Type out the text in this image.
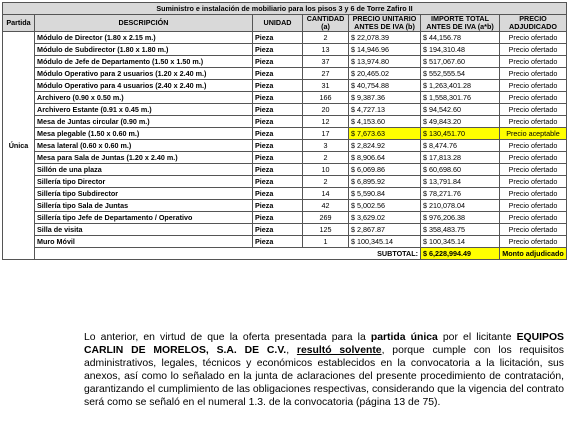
Suministro e instalación de mobiliario para los pisos 3 y 6 de Torre Zafiro II						
Partida	DESCRIPCIÓN	UNIDAD	CANTIDAD (a)	PRECIO UNITARIO ANTES DE IVA (b)	IMPORTE TOTAL ANTES DE IVA (a*b)	PRECIO ADJUDICADO
Única	Módulo de Director (1.80 x 2.15 m.)	Pieza	2	$ 22,078.39	$ 44,156.78	Precio ofertado
	Módulo de Subdirector (1.80 x 1.80 m.)	Pieza	13	$ 14,946.96	$ 194,310.48	Precio ofertado
	Módulo de Jefe de Departamento (1.50 x 1.50 m.)	Pieza	37	$ 13,974.80	$ 517,067.60	Precio ofertado
	Módulo Operativo para 2 usuarios (1.20 x 2.40 m.)	Pieza	27	$ 20,465.02	$ 552,555.54	Precio ofertado
	Módulo Operativo para 4 usuarios (2.40 x 2.40 m.)	Pieza	31	$ 40,754.88	$ 1,263,401.28	Precio ofertado
	Archivero (0.90 x 0.50 m.)	Pieza	166	$ 9,387.36	$ 1,558,301.76	Precio ofertado
	Archivero Estante (0.91 x 0.45 m.)	Pieza	20	$ 4,727.13	$ 94,542.60	Precio ofertado
	Mesa de Juntas circular (0.90 m.)	Pieza	12	$ 4,153.60	$ 49,843.20	Precio ofertado
	Mesa plegable (1.50 x 0.60 m.)	Pieza	17	$ 7,673.63	$ 130,451.70	Precio aceptable
	Mesa lateral (0.60 x 0.60 m.)	Pieza	3	$ 2,824.92	$ 8,474.76	Precio ofertado
	Mesa para Sala de Juntas (1.20 x 2.40 m.)	Pieza	2	$ 8,906.64	$ 17,813.28	Precio ofertado
	Sillón de una plaza	Pieza	10	$ 6,069.86	$ 60,698.60	Precio ofertado
	Sillería tipo Director	Pieza	2	$ 6,895.92	$ 13,791.84	Precio ofertado
	Sillería tipo Subdirector	Pieza	14	$ 5,590.84	$ 78,271.76	Precio ofertado
	Sillería tipo Sala de Juntas	Pieza	42	$ 5,002.56	$ 210,078.04	Precio ofertado
	Sillería tipo Jefe de Departamento / Operativo	Pieza	269	$ 3,629.02	$ 976,206.38	Precio ofertado
	Silla de visita	Pieza	125	$ 2,867.87	$ 358,483.75	Precio ofertado
	Muro Móvil	Pieza	1	$ 100,345.14	$ 100,345.14	Precio ofertado
	SUBTOTAL:				$ 6,228,994.49	Monto adjudicado
Lo anterior, en virtud de que la oferta presentada para la partida única por el licitante EQUIPOS CARLIN DE MORELOS, S.A. DE C.V., resultó solvente, porque cumple con los requisitos administrativos, legales, técnicos y económicos establecidos en la convocatoria a la licitación, sus anexos, así como lo señalado en la junta de aclaraciones del presente procedimiento de contratación, garantizando el cumplimiento de las obligaciones respectivas, considerando que la vigencia del contrato será como se señaló en el numeral 1.3. de la convocatoria (página 13 de 75).
